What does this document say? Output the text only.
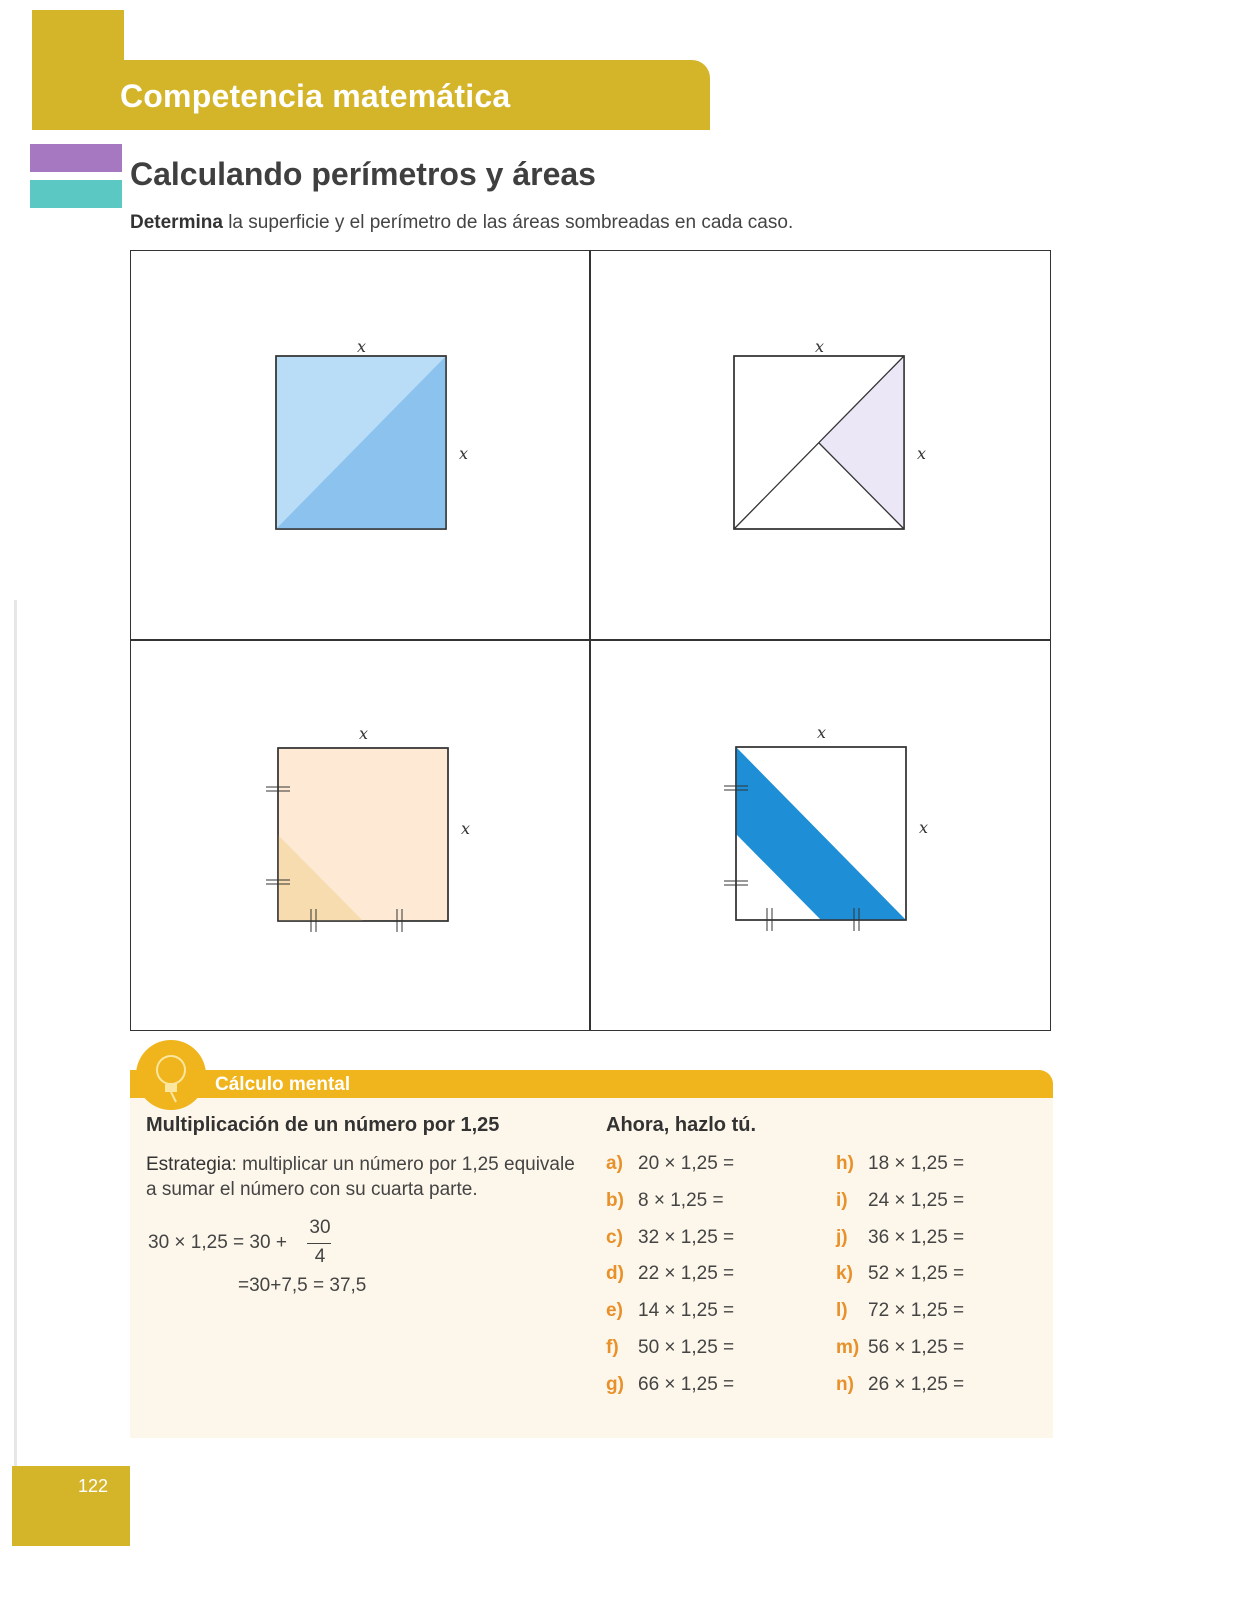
Competencia matemática
Calculando perímetros y áreas
Determina la superficie y el perímetro de las áreas sombreadas en cada caso.
x
x
x
x
x
x
x
x
Cálculo mental
Multiplicación de un número por 1,25
Estrategia: multiplicar un número por 1,25 equivale a sumar el número con su cuarta parte.
30 × 1,25 = 30 +
30
4
=30+7,5 = 37,5
Ahora, hazlo tú.
a) 20 × 1,25 =
b) 8 × 1,25 =
c) 32 × 1,25 =
d) 22 × 1,25 =
e) 14 × 1,25 =
f) 50 × 1,25 =
g) 66 × 1,25 =
h) 18 × 1,25 =
i) 24 × 1,25 =
j) 36 × 1,25 =
k) 52 × 1,25 =
l) 72 × 1,25 =
m) 56 × 1,25 =
n) 26 × 1,25 =
122
